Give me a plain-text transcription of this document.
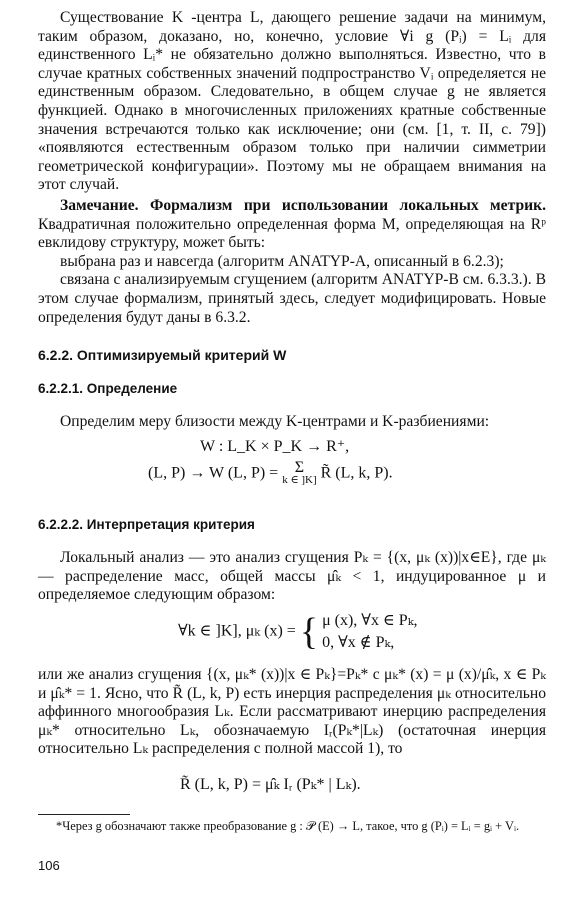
Существование K -центра L, дающего решение задачи на минимум, таким образом, доказано, но, конечно, условие ∀i g (Pᵢ) = Lᵢ для единственного Lᵢ* не обязательно должно выполняться. Известно, что в случае кратных собственных значений подпространство Vᵢ определяется не единственным образом. Следовательно, в общем случае g не является функцией. Однако в многочисленных приложениях кратные собственные значения встречаются только как исключение; они (см. [1, т. II, с. 79]) «появляются естественным образом только при наличии симметрии геометрической конфигурации». Поэтому мы не обращаем внимания на этот случай.

Замечание. Формализм при использовании локальных метрик. Квадратичная положительно определенная форма M, определяющая на Rᵖ евклидову структуру, может быть:

выбрана раз и навсегда (алгоритм ANATYP-A, описанный в 6.2.3);

связана с анализируемым сгущением (алгоритм ANATYP-B см. 6.3.3.). В этом случае формализм, принятый здесь, следует модифицировать. Новые определения будут даны в 6.3.2.

6.2.2. Оптимизируемый критерий W
6.2.2.1. Определение

Определим меру близости между K-центрами и K-разбиениями:

W : L_K × P_K → R⁺,
(L, P) → W (L, P) = Σ
k ∈ ]K] R̃ (L, k, P).
6.2.2.2. Интерпретация критерия

Локальный анализ — это анализ сгущения Pₖ = {(x, μₖ (x))|x∈E}, где μₖ — распределение масс, общей массы μ̂ₖ < 1, индуцированное μ и определяемое следующим образом:

∀k ∈ ]K], μₖ (x) = { μ (x), ∀x ∈ Pₖ,
0, ∀x ∉ Pₖ,

или же анализ сгущения {(x, μₖ* (x))|x ∈ Pₖ}=Pₖ* с μₖ* (x) = μ (x)/μ̂ₖ, x ∈ Pₖ и μ̂ₖ* = 1. Ясно, что R̃ (L, k, P) есть инерция распределения μₖ относительно аффинного многообразия Lₖ. Если рассматривают инерцию распределения μₖ* относительно Lₖ, обозначаемую Iᵣ(Pₖ*|Lₖ) (остаточная инерция относительно Lₖ распределения с полной массой 1), то

R̃ (L, k, P) = μ̂ₖ Iᵣ (Pₖ* | Lₖ).

*Через g обозначают также преобразование g : 𝒫 (E) → L, такое, что g (Pᵢ) = Lᵢ = gᵢ + Vᵢ.

106
